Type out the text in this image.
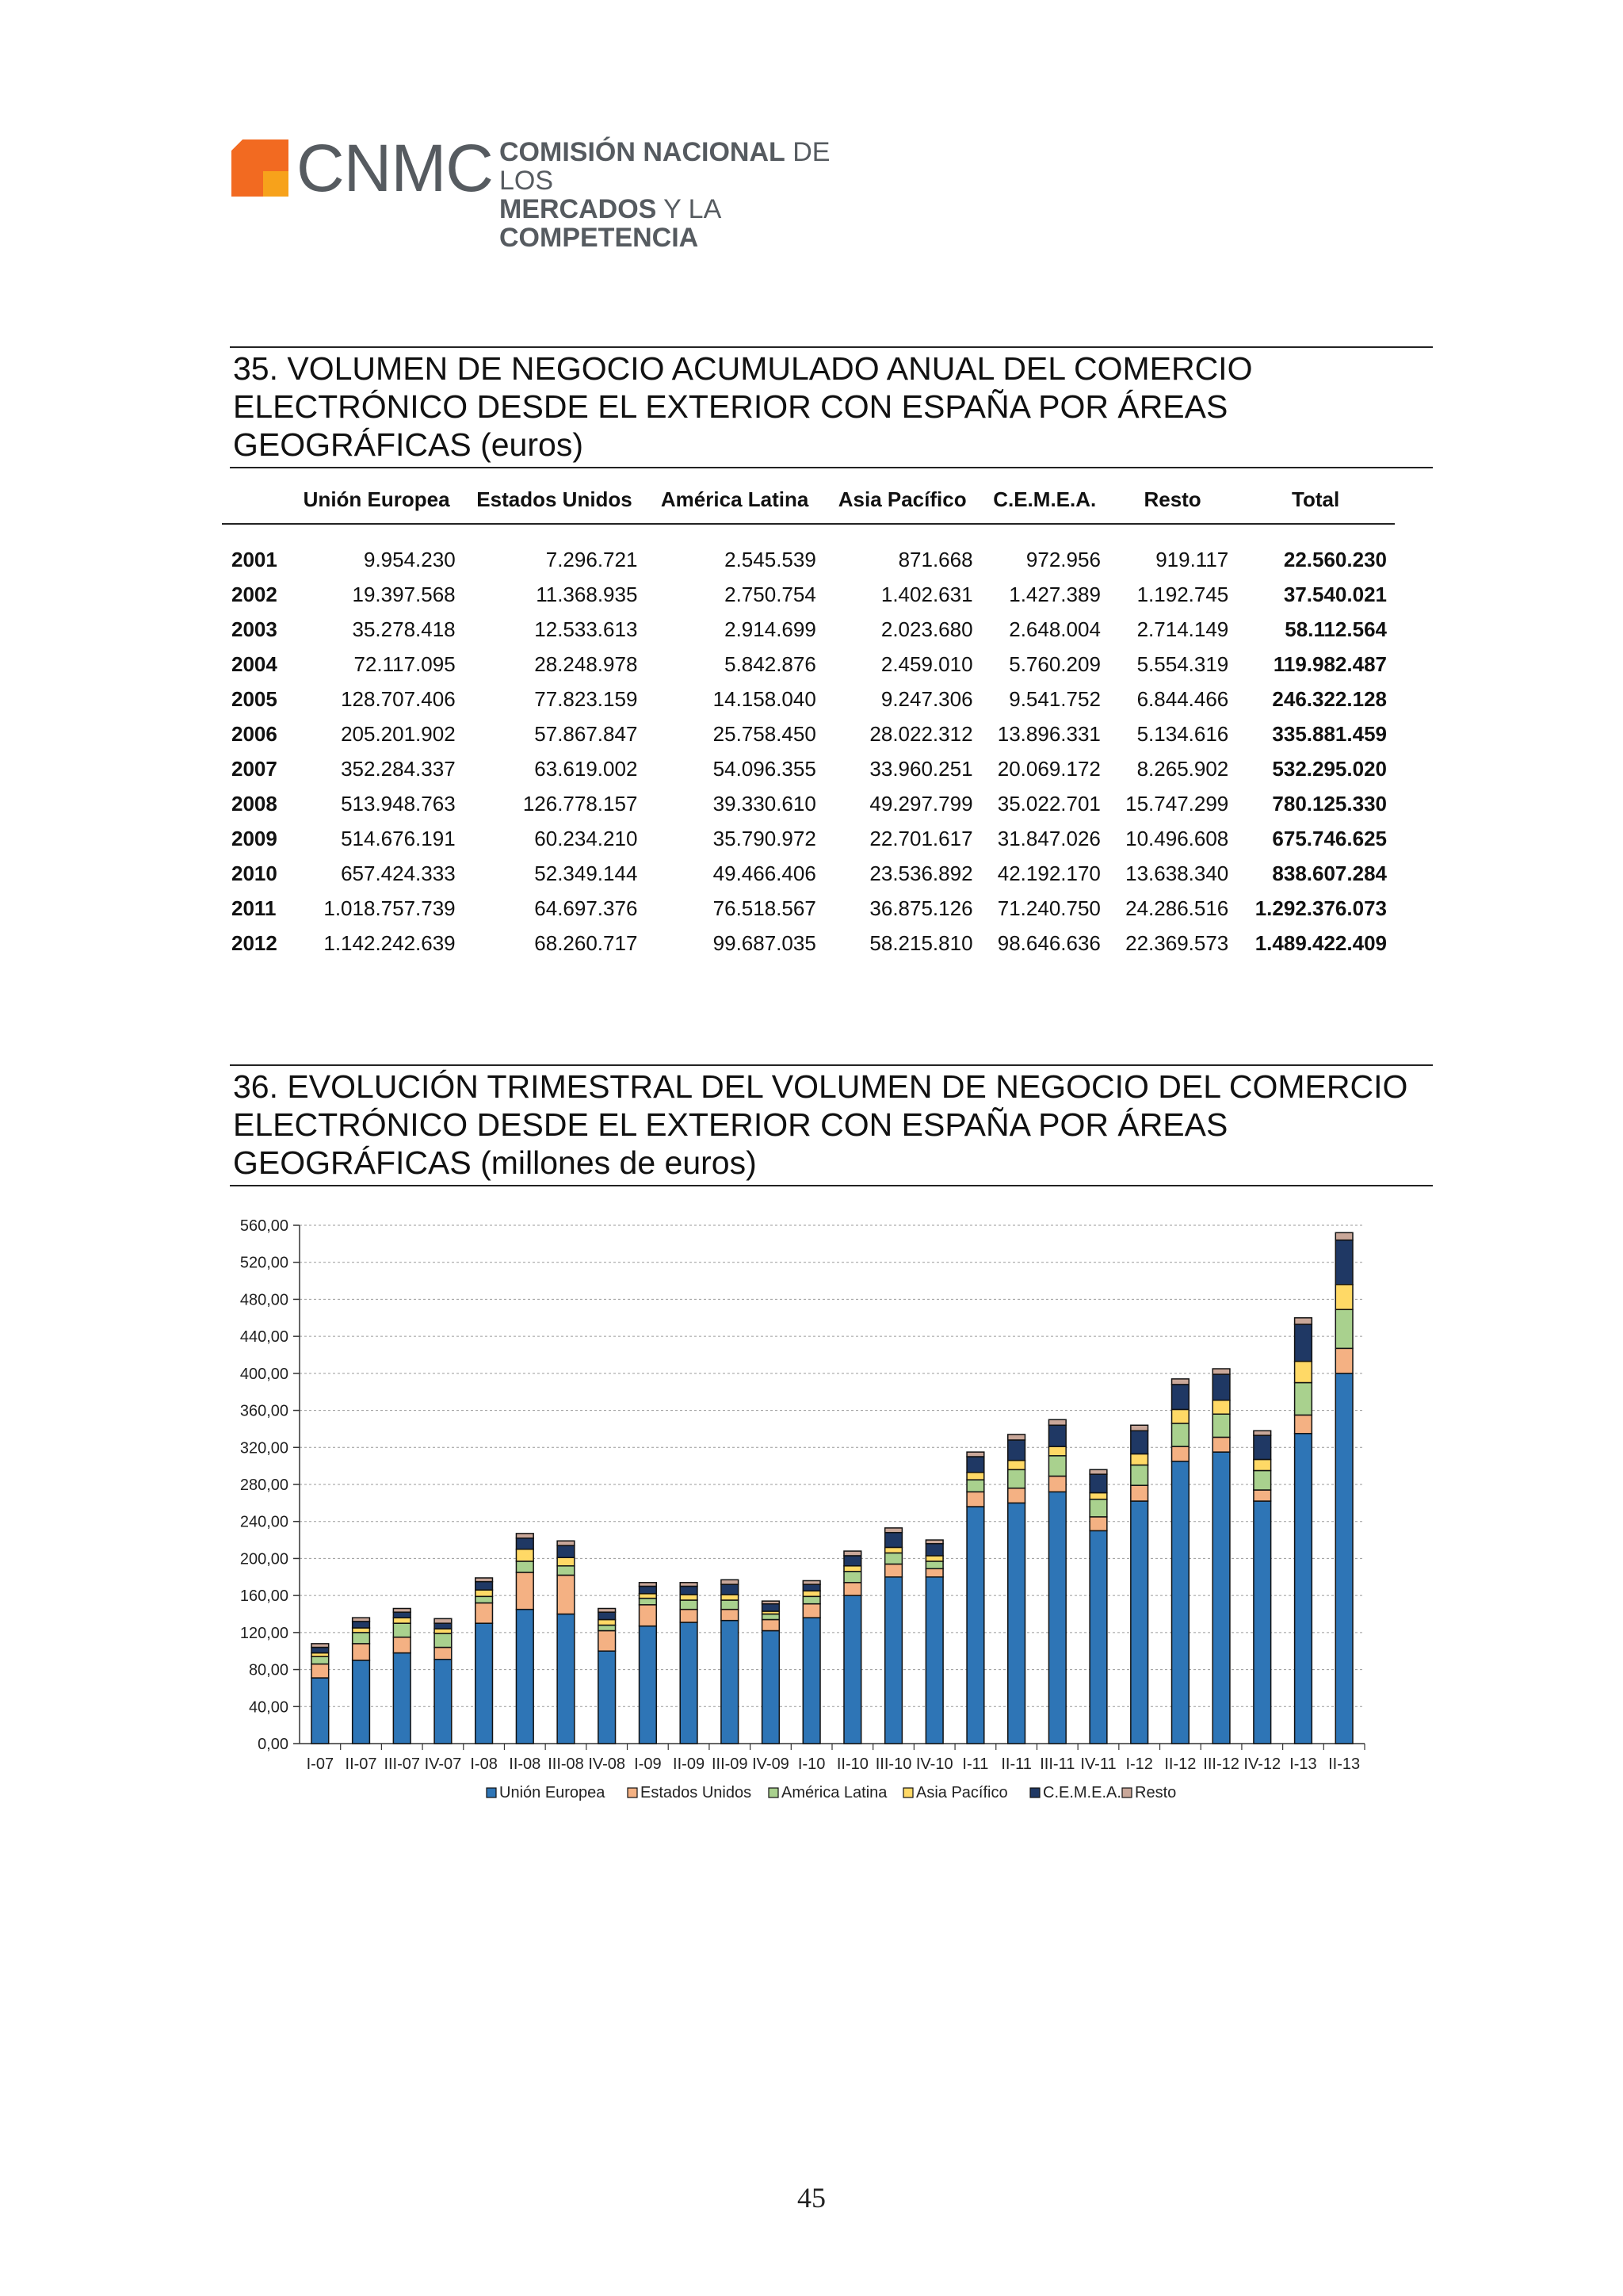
CNMC COMISIÓN NACIONAL DE LOS
MERCADOS Y LA COMPETENCIA
35. VOLUMEN DE NEGOCIO ACUMULADO ANUAL DEL COMERCIO
ELECTRÓNICO DESDE EL EXTERIOR CON ESPAÑA POR ÁREAS
GEOGRÁFICAS (euros)
	Unión Europea	Estados Unidos	América Latina	Asia Pacífico	C.E.M.E.A.	Resto	Total
2001	9.954.230	7.296.721	2.545.539	871.668	972.956	919.117	22.560.230
2002	19.397.568	11.368.935	2.750.754	1.402.631	1.427.389	1.192.745	37.540.021
2003	35.278.418	12.533.613	2.914.699	2.023.680	2.648.004	2.714.149	58.112.564
2004	72.117.095	28.248.978	5.842.876	2.459.010	5.760.209	5.554.319	119.982.487
2005	128.707.406	77.823.159	14.158.040	9.247.306	9.541.752	6.844.466	246.322.128
2006	205.201.902	57.867.847	25.758.450	28.022.312	13.896.331	5.134.616	335.881.459
2007	352.284.337	63.619.002	54.096.355	33.960.251	20.069.172	8.265.902	532.295.020
2008	513.948.763	126.778.157	39.330.610	49.297.799	35.022.701	15.747.299	780.125.330
2009	514.676.191	60.234.210	35.790.972	22.701.617	31.847.026	10.496.608	675.746.625
2010	657.424.333	52.349.144	49.466.406	23.536.892	42.192.170	13.638.340	838.607.284
2011	1.018.757.739	64.697.376	76.518.567	36.875.126	71.240.750	24.286.516	1.292.376.073
2012	1.142.242.639	68.260.717	99.687.035	58.215.810	98.646.636	22.369.573	1.489.422.409
36. EVOLUCIÓN TRIMESTRAL DEL VOLUMEN DE NEGOCIO DEL COMERCIO
ELECTRÓNICO DESDE EL EXTERIOR CON ESPAÑA POR ÁREAS
GEOGRÁFICAS (millones de euros)
0,00
40,00
80,00
120,00
160,00
200,00
240,00
280,00
320,00
360,00
400,00
440,00
480,00
520,00
560,00
I-07 II-07 III-07 IV-07 I-08 II-08 III-08 IV-08 I-09 II-09 III-09 IV-09 I-10 II-10 III-10 IV-10 I-11 II-11 III-11 IV-11 I-12 II-12 III-12 IV-12 I-13 II-13
Unión Europea Estados Unidos América Latina Asia Pacífico C.E.M.E.A. Resto
45
